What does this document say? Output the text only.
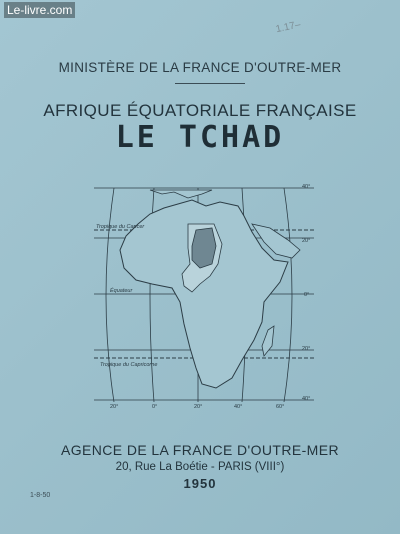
Le-livre.com
1.17–
MINISTÈRE DE LA FRANCE D'OUTRE-MER
AFRIQUE ÉQUATORIALE FRANÇAISE
LE TCHAD
Tropique du Cancer
Équateur
Tropique du Capricorne
40°
20°
0°
20°
40°
20°	0°	20°	40°	60°
AGENCE DE LA FRANCE D'OUTRE-MER
20, Rue La Boétie - PARIS (VIII°)
1950
1-8-50
